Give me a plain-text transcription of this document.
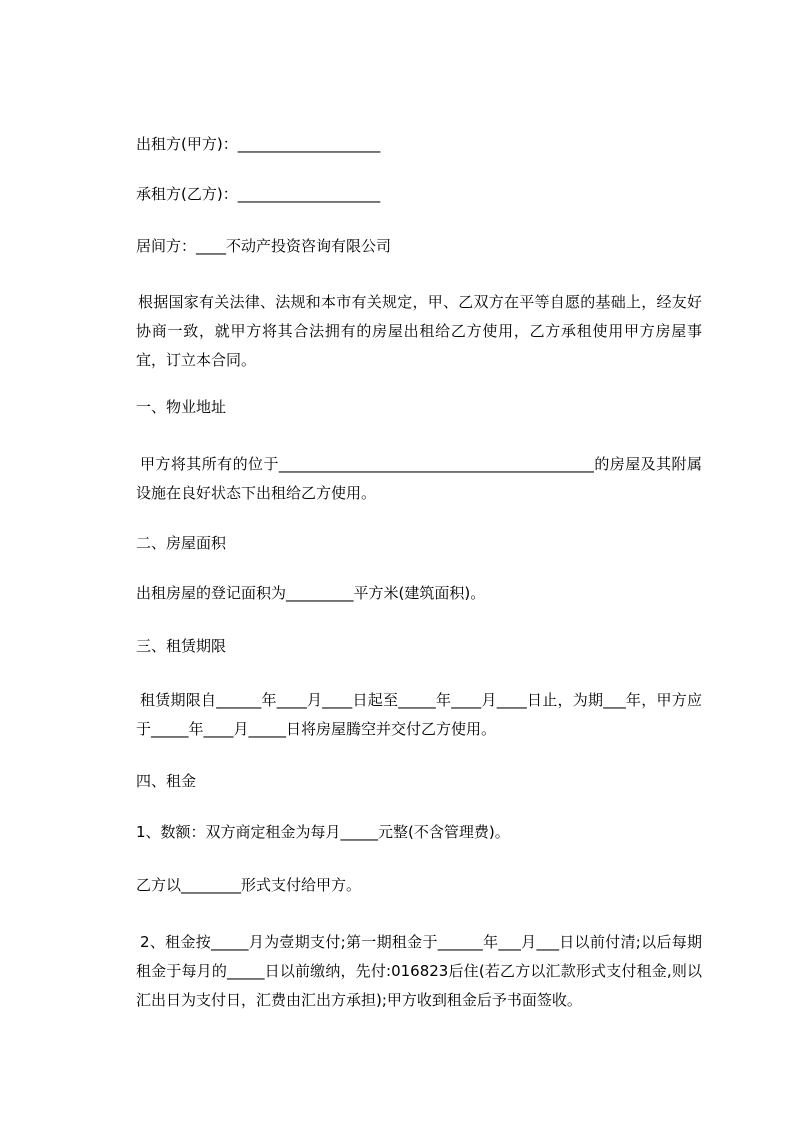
出租方(甲方)：___________________
承租方(乙方)：___________________
居间方：____不动产投资咨询有限公司
根据国家有关法律、法规和本市有关规定，甲、乙双方在平等自愿的基础上，经友好协商一致，就甲方将其合法拥有的房屋出租给乙方使用，乙方承租使用甲方房屋事宜，订立本合同。
一、物业地址
甲方将其所有的位于__________________________________________的房屋及其附属设施在良好状态下出租给乙方使用。
二、房屋面积
出租房屋的登记面积为_________平方米(建筑面积)。
三、租赁期限
租赁期限自______年____月____日起至_____年____月____日止，为期___年，甲方应于_____年____月_____日将房屋腾空并交付乙方使用。
四、租金
1、数额：双方商定租金为每月_____元整(不含管理费)。
乙方以________形式支付给甲方。
2、租金按_____月为壹期支付;第一期租金于______年___月___日以前付清;以后每期租金于每月的_____日以前缴纳，先付:016823后住(若乙方以汇款形式支付租金,则以汇出日为支付日，汇费由汇出方承担);甲方收到租金后予书面签收。
